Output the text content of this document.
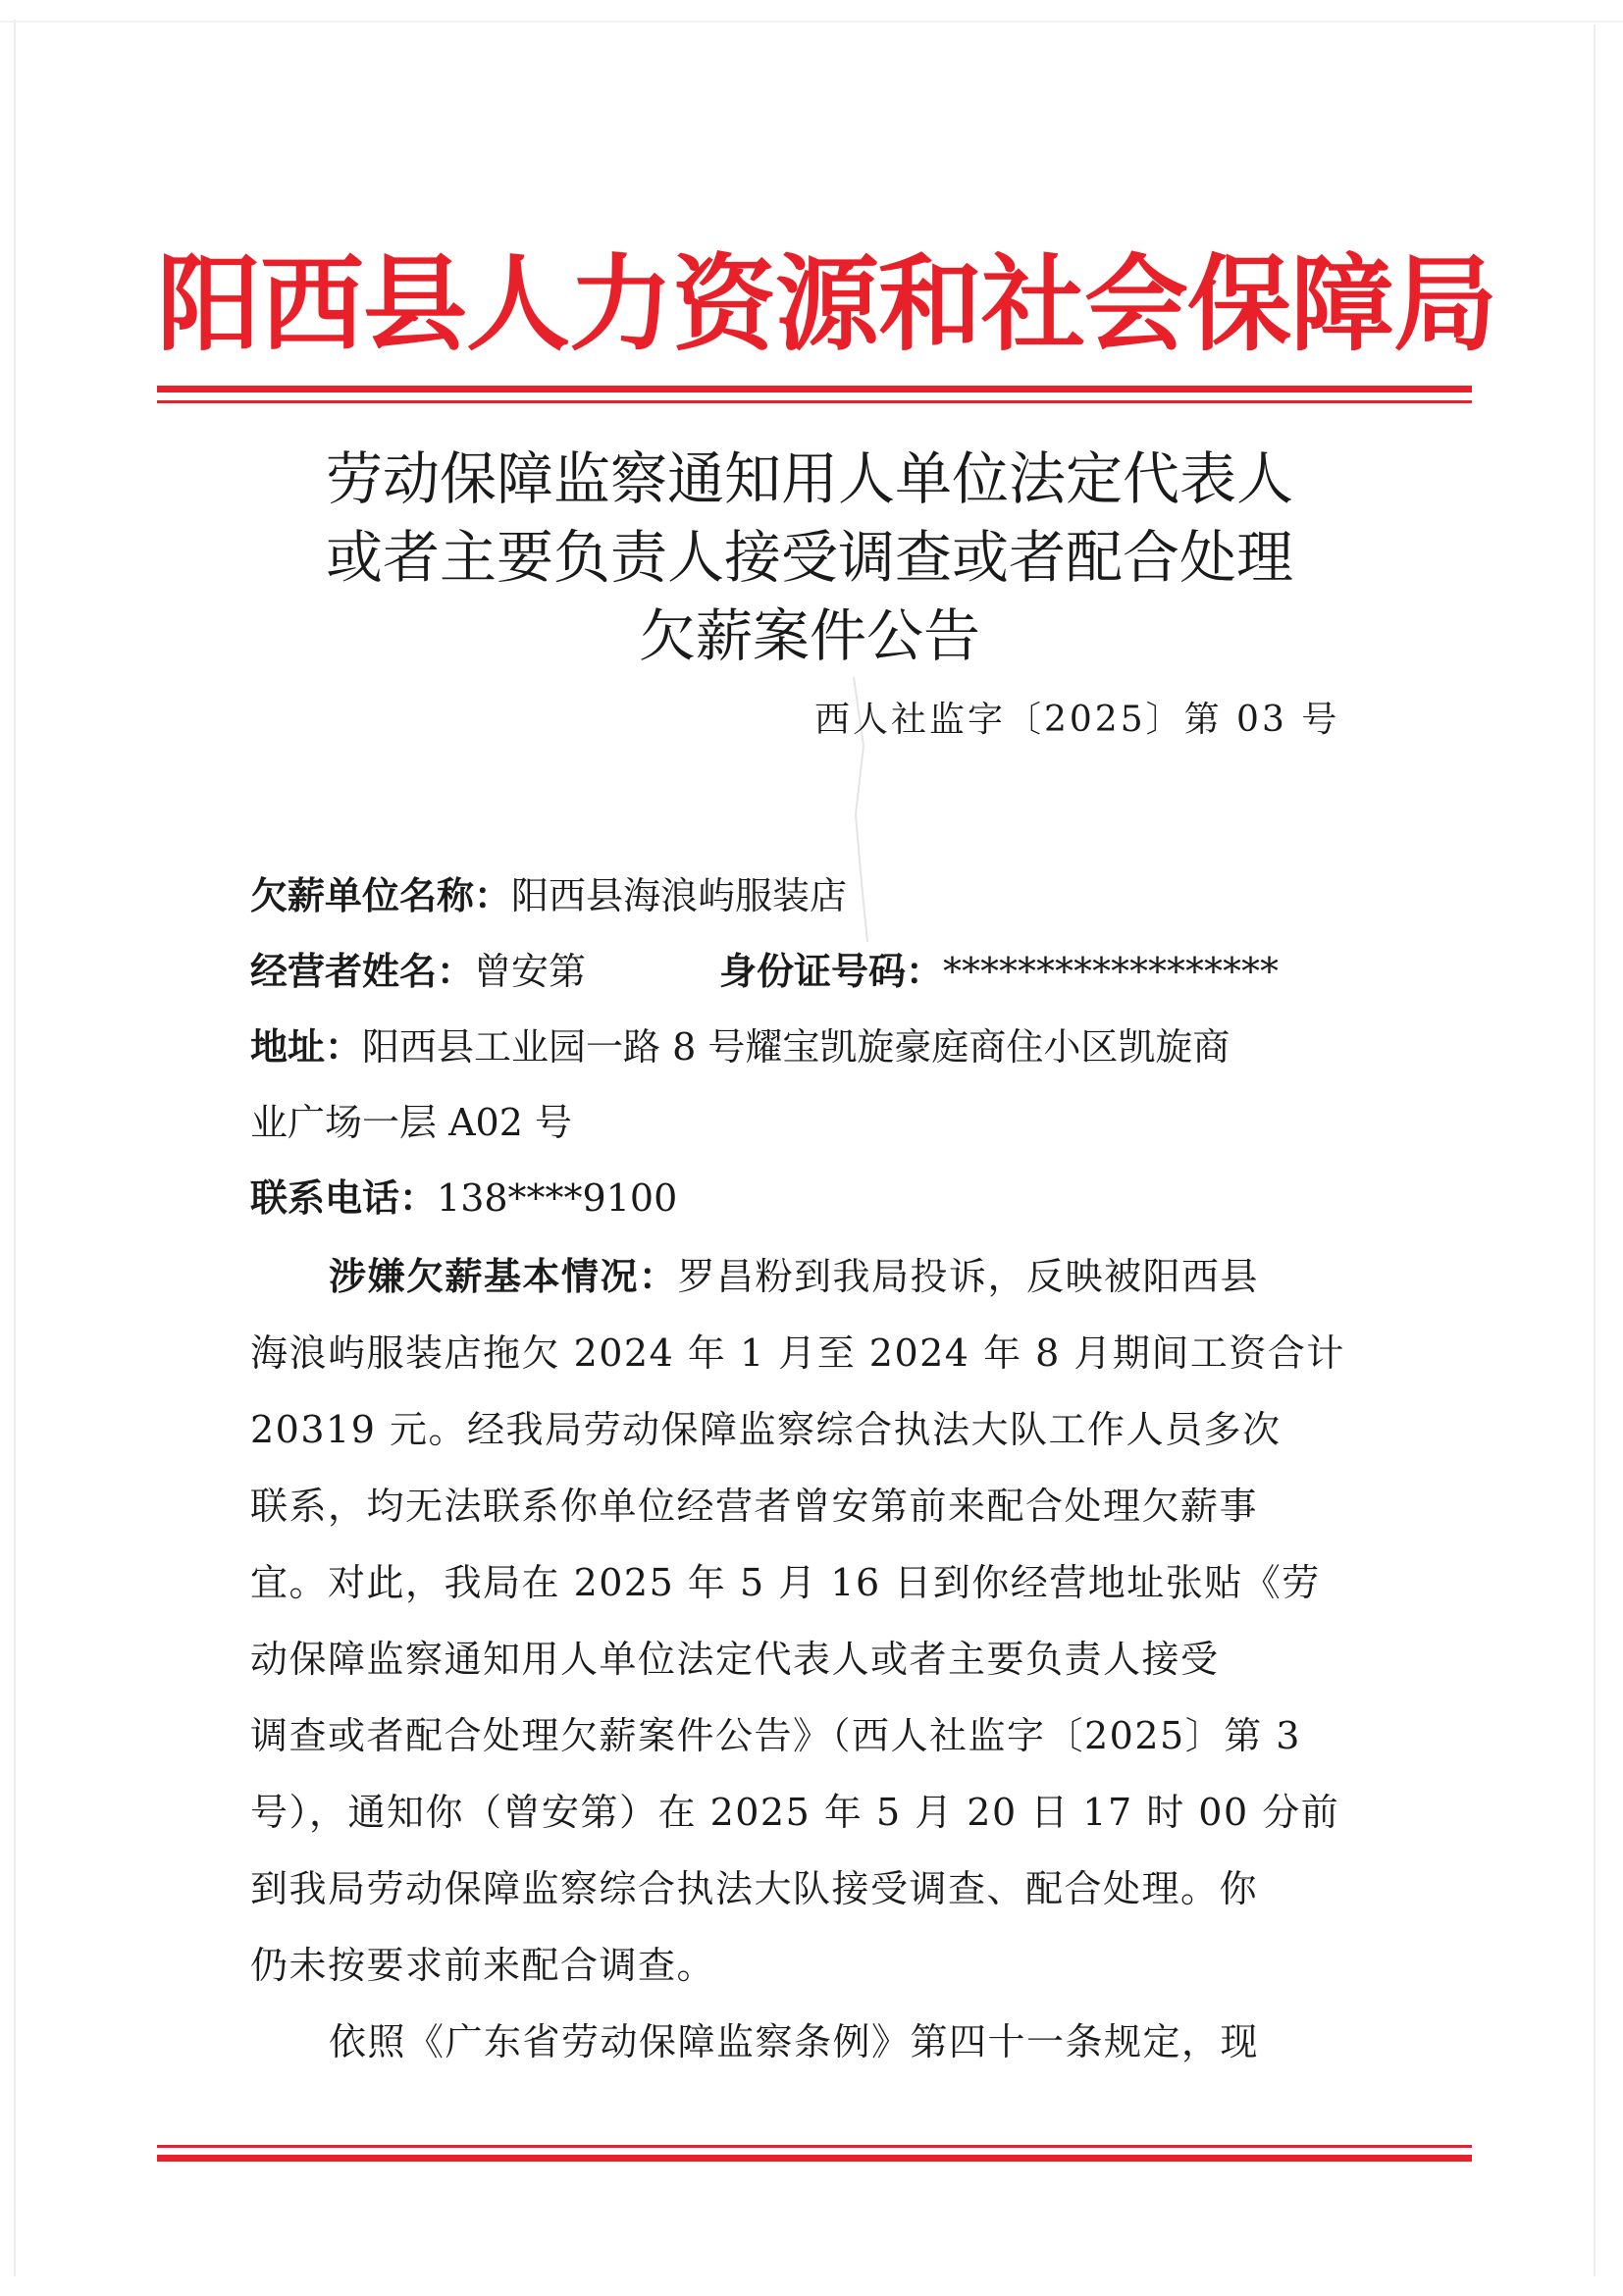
阳西县人力资源和社会保障局
劳动保障监察通知用人单位法定代表人
或者主要负责人接受调查或者配合处理
欠薪案件公告
西人社监字〔2025〕第 03 号
欠薪单位名称：阳西县海浪屿服装店
经营者姓名：曾安第	身份证号码：******************
地址：阳西县工业园一路 8 号耀宝凯旋豪庭商住小区凯旋商
业广场一层 A02 号
联系电话：138****9100
涉嫌欠薪基本情况：罗昌粉到我局投诉，反映被阳西县
海浪屿服装店拖欠 2024 年 1 月至 2024 年 8 月期间工资合计
20319 元。经我局劳动保障监察综合执法大队工作人员多次
联系，均无法联系你单位经营者曾安第前来配合处理欠薪事
宜。对此，我局在 2025 年 5 月 16 日到你经营地址张贴《劳
动保障监察通知用人单位法定代表人或者主要负责人接受
调查或者配合处理欠薪案件公告》（西人社监字〔2025〕第 3
号），通知你（曾安第）在 2025 年 5 月 20 日 17 时 00 分前
到我局劳动保障监察综合执法大队接受调查、配合处理。你
仍未按要求前来配合调查。
依照《广东省劳动保障监察条例》第四十一条规定，现
